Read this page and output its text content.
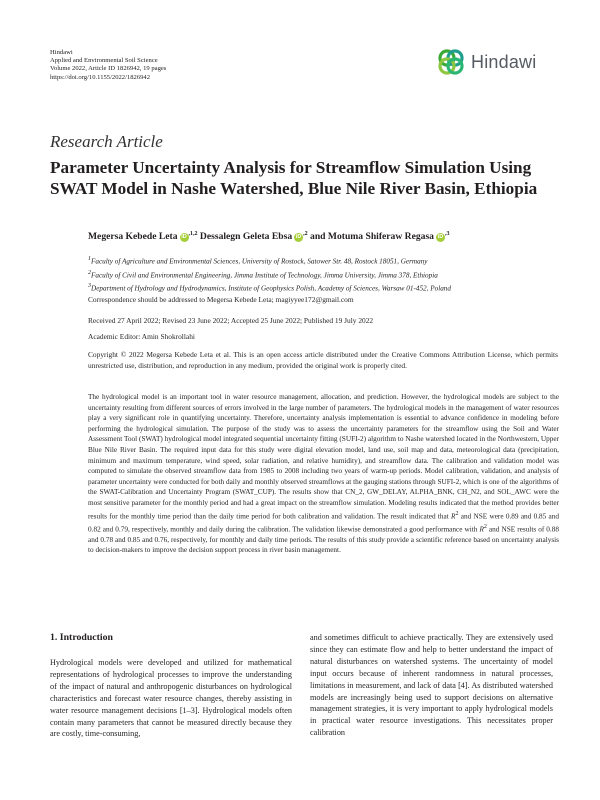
Hindawi
Applied and Environmental Soil Science
Volume 2022, Article ID 1826942, 19 pages
https://doi.org/10.1155/2022/1826942
Hindawi
Research Article
Parameter Uncertainty Analysis for Streamflow Simulation Using SWAT Model in Nashe Watershed, Blue Nile River Basin, Ethiopia
Megersa Kebede Leta $iD^{,1,2}$ Dessalegn Geleta Ebsa $iD^{,2}$ and Motuma Shiferaw Regasa $iD^{,3}$
$^1$Faculty of Agriculture and Environmental Sciences, University of Rostock, Satower Str. 48, Rostock 18051, Germany
$^2$Faculty of Civil and Environmental Engineering, Jimma Institute of Technology, Jimma University, Jimma 378, Ethiopia
$^3$Department of Hydrology and Hydrodynamics, Institute of Geophysics Polish, Academy of Sciences, Warsaw 01-452, Poland
Correspondence should be addressed to Megersa Kebede Leta; magiyyee172@gmail.com
Received 27 April 2022; Revised 23 June 2022; Accepted 25 June 2022; Published 19 July 2022
Academic Editor: Amin Shokrollahi
Copyright © 2022 Megersa Kebede Leta et al. This is an open access article distributed under the Creative Commons Attribution License, which permits unrestricted use, distribution, and reproduction in any medium, provided the original work is properly cited.
The hydrological model is an important tool in water resource management, allocation, and prediction. However, the hydrological models are subject to the uncertainty resulting from different sources of errors involved in the large number of parameters. The hydrological models in the management of water resources play a very significant role in quantifying uncertainty. Therefore, uncertainty analysis implementation is essential to advance confidence in modeling before performing the hydrological simulation. The purpose of the study was to assess the uncertainty parameters for the streamflow using the Soil and Water Assessment Tool (SWAT) hydrological model integrated sequential uncertainty fitting (SUFI-2) algorithm to Nashe watershed located in the Northwestern, Upper Blue Nile River Basin. The required input data for this study were digital elevation model, land use, soil map and data, meteorological data (precipitation, minimum and maximum temperature, wind speed, solar radiation, and relative humidity), and streamflow data. The calibration and validation model was computed to simulate the observed streamflow data from 1985 to 2008 including two years of warm-up periods. Model calibration, validation, and analysis of parameter uncertainty were conducted for both daily and monthly observed streamflows at the gauging stations through SUFI-2, which is one of the algorithms of the SWAT-Calibration and Uncertainty Program (SWAT_CUP). The results show that CN_2, GW_DELAY, ALPHA_BNK, CH_N2, and SOL_AWC were the most sensitive parameter for the monthly period and had a great impact on the streamflow simulation. Modeling results indicated that the method provides better results for the monthly time period than the daily time period for both calibration and validation. The result indicated that $R^2$ and NSE were 0.89 and 0.85 and 0.82 and 0.79, respectively, monthly and daily during the calibration. The validation likewise demonstrated a good performance with $R^2$ and NSE results of 0.88 and 0.78 and 0.85 and 0.76, respectively, for monthly and daily time periods. The results of this study provide a scientific reference based on uncertainty analysis to decision-makers to improve the decision support process in river basin management.
1. Introduction
Hydrological models were developed and utilized for mathematical representations of hydrological processes to improve the understanding of the impact of natural and anthropogenic disturbances on hydrological characteristics and forecast water resource changes, thereby assisting in water resource management decisions [1–3]. Hydrological models often contain many parameters that cannot be measured directly because they are costly, time-consuming,
and sometimes difficult to achieve practically. They are extensively used since they can estimate flow and help to better understand the impact of natural disturbances on watershed systems. The uncertainty of model input occurs because of inherent randomness in natural processes, limitations in measurement, and lack of data [4]. As distributed watershed models are increasingly being used to support decisions on alternative management strategies, it is very important to apply hydrological models in practical water resource investigations. This necessitates proper calibration
